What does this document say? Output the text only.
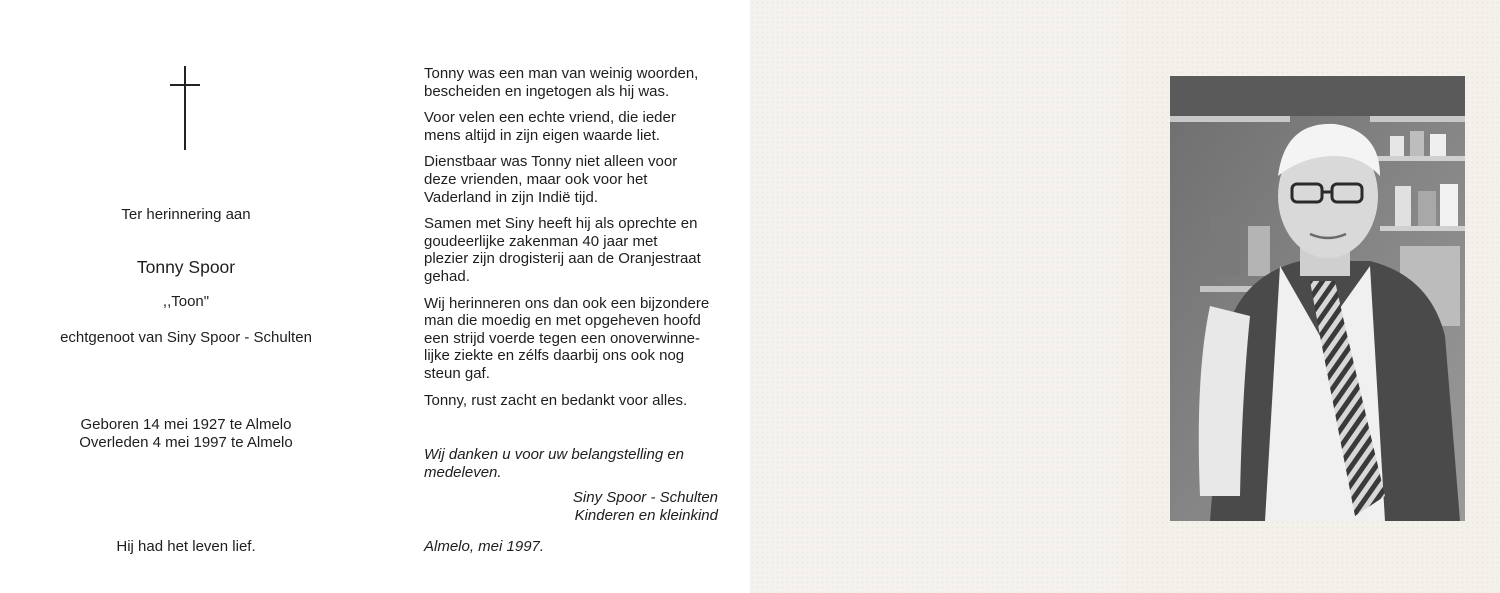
Ter herinnering aan
Tonny Spoor
,,Toon"
echtgenoot van Siny Spoor - Schulten
Geboren 14 mei 1927 te Almelo
Overleden 4 mei 1997 te Almelo
Hij had het leven lief.

Tonny was een man van weinig woorden,
bescheiden en ingetogen als hij was.

Voor velen een echte vriend, die ieder
mens altijd in zijn eigen waarde liet.

Dienstbaar was Tonny niet alleen voor
deze vrienden, maar ook voor het
Vaderland in zijn Indië tijd.

Samen met Siny heeft hij als oprechte en
goudeerlijke zakenman 40 jaar met
plezier zijn drogisterij aan de Oranjestraat
gehad.

Wij herinneren ons dan ook een bijzondere
man die moedig en met opgeheven hoofd
een strijd voerde tegen een onoverwinne-
lijke ziekte en zélfs daarbij ons ook nog
steun gaf.

Tonny, rust zacht en bedankt voor alles.

Wij danken u voor uw belangstelling en
medeleven.
Siny Spoor - Schulten
Kinderen en kleinkind
Almelo, mei 1997.
